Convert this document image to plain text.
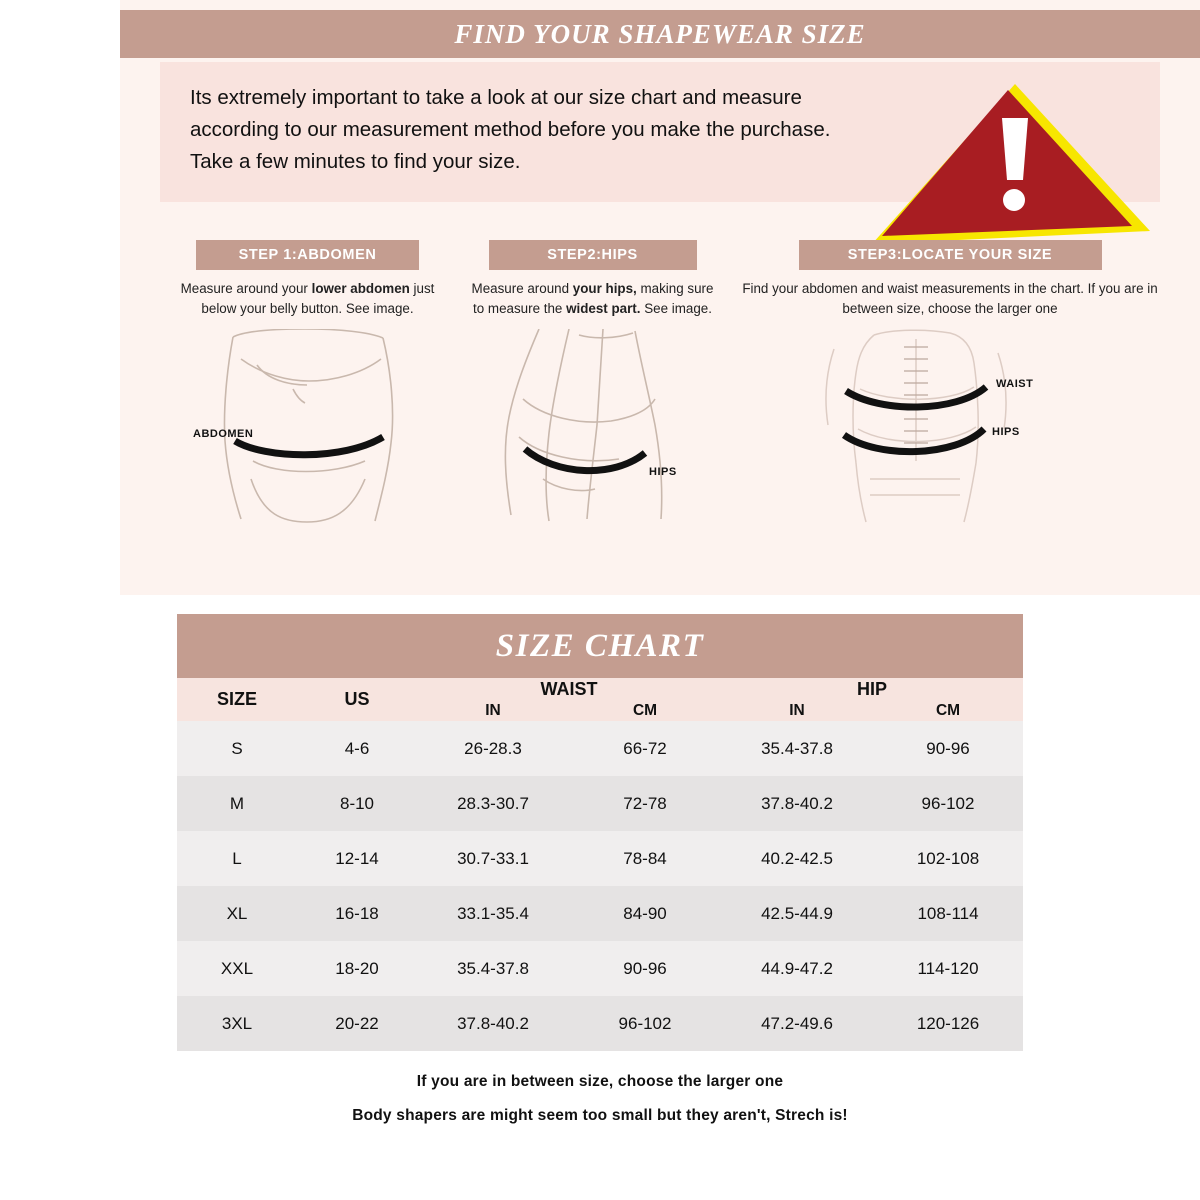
FIND YOUR SHAPEWEAR SIZE
Its extremely important to take a look at our size chart and measure according to our measurement method before you make the purchase. Take a few minutes to find your size.
STEP 1:ABDOMEN
Measure around your lower abdomen just below your belly button. See image.
ABDOMEN
STEP2:HIPS
Measure around your hips, making sure to measure the widest part. See image.
HIPS
STEP3:LOCATE YOUR SIZE
Find your abdomen and waist measurements in the chart. If you are in between size, choose the larger one
WAIST
HIPS
SIZE CHART
SIZE	US	WAIST		HIP	
		IN	CM	IN	CM
S	4-6	26-28.3	66-72	35.4-37.8	90-96
M	8-10	28.3-30.7	72-78	37.8-40.2	96-102
L	12-14	30.7-33.1	78-84	40.2-42.5	102-108
XL	16-18	33.1-35.4	84-90	42.5-44.9	108-114
XXL	18-20	35.4-37.8	90-96	44.9-47.2	114-120
3XL	20-22	37.8-40.2	96-102	47.2-49.6	120-126
If you are in between size, choose the larger one
Body shapers are might seem too small but they aren't, Strech is!
